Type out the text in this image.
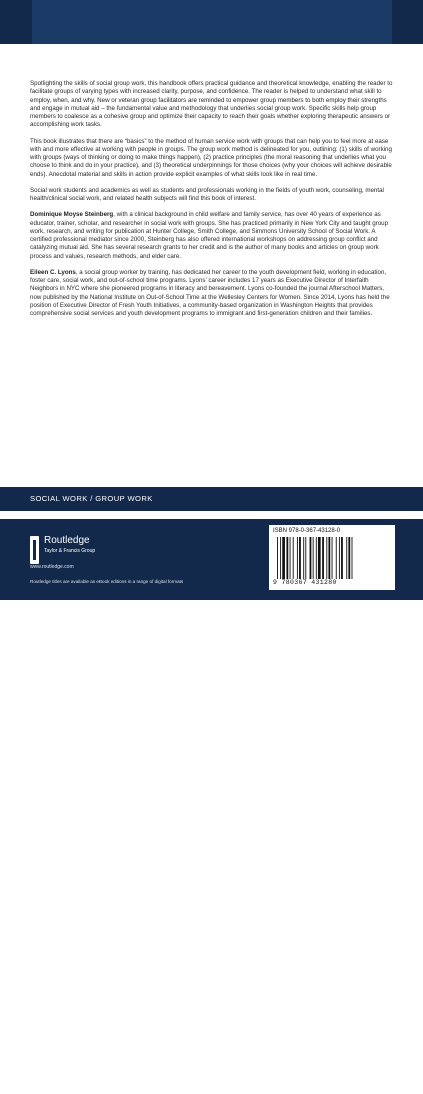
Spotlighting the skills of social group work, this handbook offers practical guidance and theoretical knowledge, enabling the reader to facilitate groups of varying types with increased clarity, purpose, and confidence. The reader is helped to understand what skill to employ, when, and why. New or veteran group facilitators are reminded to empower group members to both employ their strengths and engage in mutual aid – the fundamental value and methodology that underlies social group work. Specific skills help group members to coalesce as a cohesive group and optimize their capacity to reach their goals whether exploring therapeutic answers or accomplishing work tasks.

This book illustrates that there are “basics” to the method of human service work with groups that can help you to feel more at ease with and more effective at working with people in groups. The group work method is delineated for you, outlining: (1) skills of working with groups (ways of thinking or doing to make things happen), (2) practice principles (the moral reasoning that underlies what you choose to think and do in your practice), and (3) theoretical underpinnings for those choices (why your choices will achieve desirable ends). Anecdotal material and skills in action provide explicit examples of what skills look like in real time.

Social work students and academics as well as students and professionals working in the fields of youth work, counseling, mental health/clinical social work, and related health subjects will find this book of interest.

Dominique Moyse Steinberg, with a clinical background in child welfare and family service, has over 40 years of experience as educator, trainer, scholar, and researcher in social work with groups. She has practiced primarily in New York City and taught group work, research, and writing for publication at Hunter College, Smith College, and Simmons University School of Social Work. A certified professional mediator since 2000, Steinberg has also offered international workshops on addressing group conflict and catalyzing mutual aid. She has several research grants to her credit and is the author of many books and articles on group work process and values, research methods, and elder care.

Eileen C. Lyons, a social group worker by training, has dedicated her career to the youth development field, working in education, foster care, social work, and out-of-school time programs. Lyons’ career includes 17 years as Executive Director of Interfaith Neighbors in NYC where she pioneered programs in literacy and bereavement. Lyons co-founded the journal Afterschool Matters, now published by the National Institute on Out-of-School Time at the Wellesley Centers for Women. Since 2014, Lyons has held the position of Executive Director of Fresh Youth Initiatives, a community-based organization in Washington Heights that provides comprehensive social services and youth development programs to immigrant and first-generation children and their families.

SOCIAL WORK / GROUP WORK
Routledge
Taylor & Francis Group
www.routledge.com
Routledge titles are available as eBook editions in a range of digital formats
ISBN 978-0-367-43128-0
9 780367 431280
an informa business
